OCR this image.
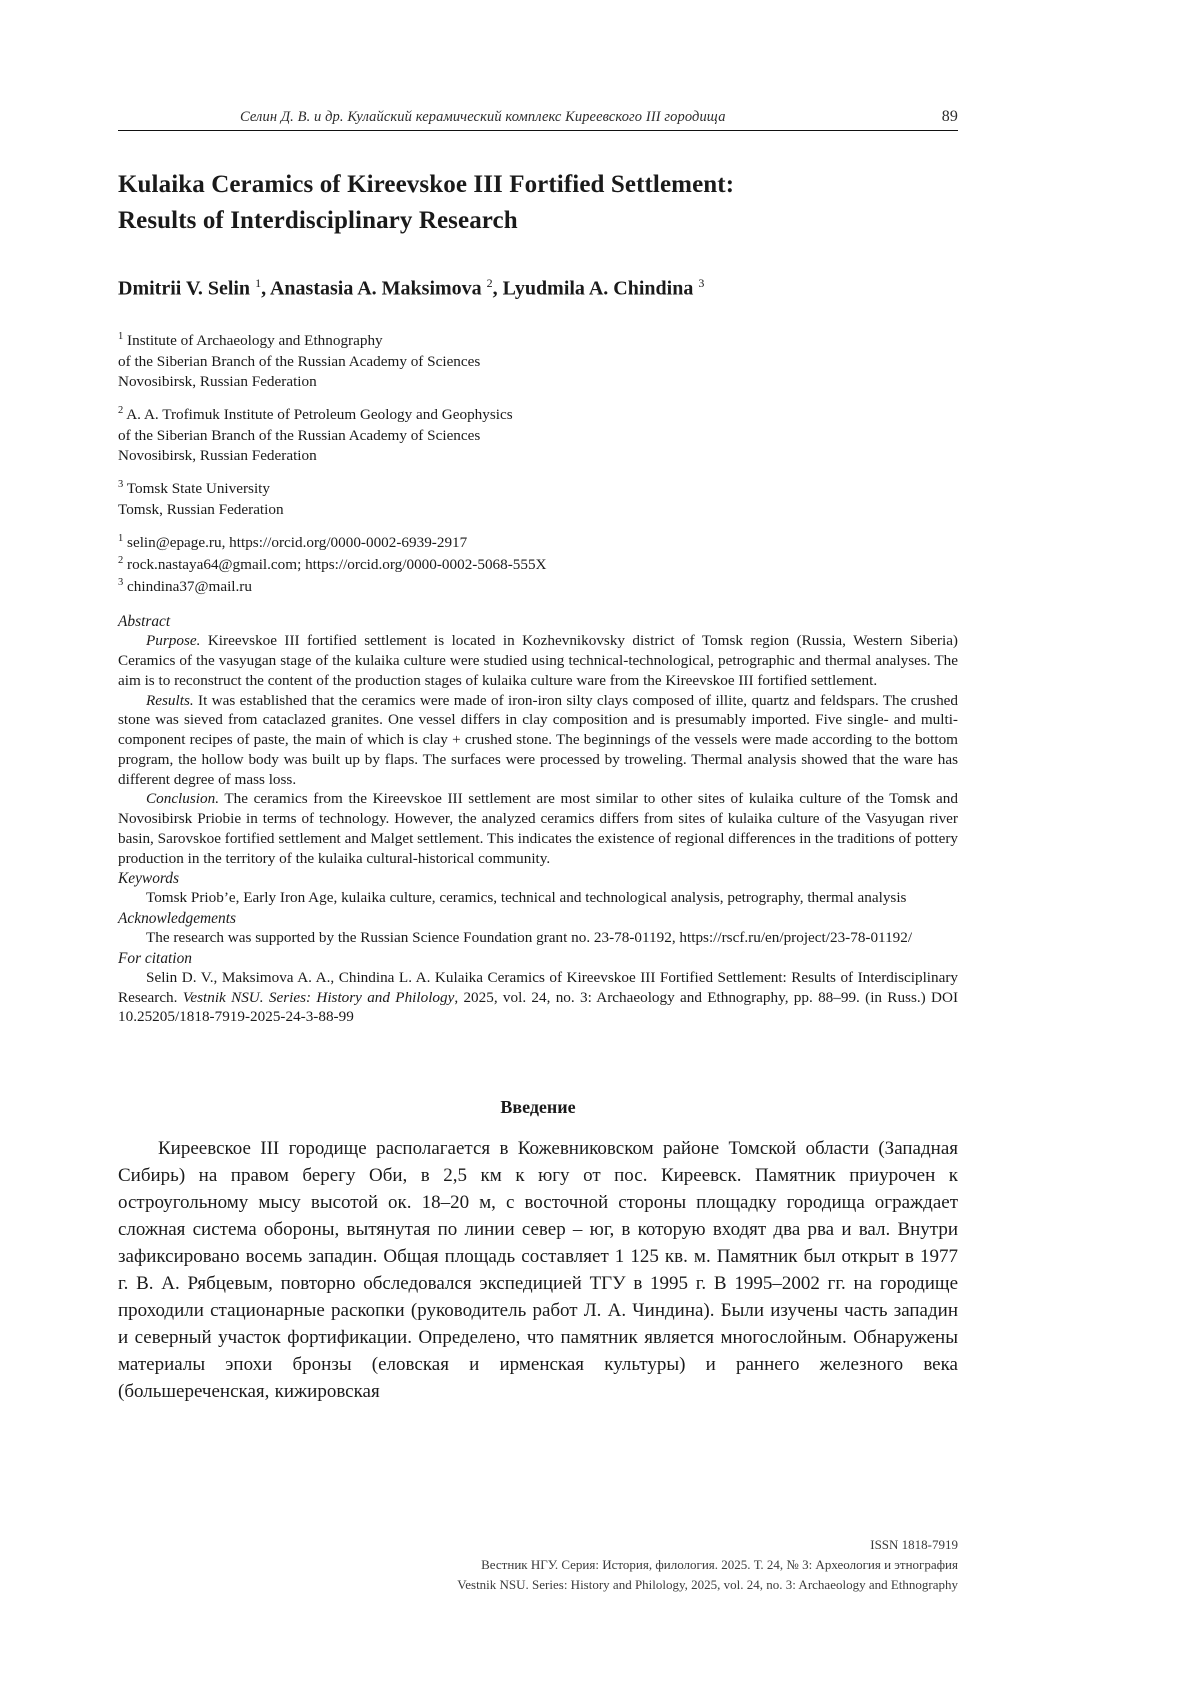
Селин Д. В. и др. Кулайский керамический комплекс Киреевского III городища	89
Kulaika Ceramics of Kireevskoe III Fortified Settlement:
Results of Interdisciplinary Research
Dmitrii V. Selin $^1$, Anastasia A. Maksimova $^2$, Lyudmila A. Chindina $^3$
$^1$ Institute of Archaeology and Ethnography
of the Siberian Branch of the Russian Academy of Sciences
Novosibirsk, Russian Federation
$^2$ A. A. Trofimuk Institute of Petroleum Geology and Geophysics
of the Siberian Branch of the Russian Academy of Sciences
Novosibirsk, Russian Federation
$^3$ Tomsk State University
Tomsk, Russian Federation
$^1$ selin@epage.ru, https://orcid.org/0000-0002-6939-2917
$^2$ rock.nastaya64@gmail.com; https://orcid.org/0000-0002-5068-555X
$^3$ chindina37@mail.ru
Abstract

Purpose. Kireevskoe III fortified settlement is located in Kozhevnikovsky district of Tomsk region (Russia, Western Siberia) Ceramics of the vasyugan stage of the kulaika culture were studied using technical-technological, petrographic and thermal analyses. The aim is to reconstruct the content of the production stages of kulaika culture ware from the Kireevskoe III fortified settlement.

Results. It was established that the ceramics were made of iron-iron silty clays composed of illite, quartz and feldspars. The crushed stone was sieved from cataclazed granites. One vessel differs in clay composition and is presumably imported. Five single- and multi-component recipes of paste, the main of which is clay + crushed stone. The beginnings of the vessels were made according to the bottom program, the hollow body was built up by flaps. The surfaces were processed by troweling. Thermal analysis showed that the ware has different degree of mass loss.

Conclusion. The ceramics from the Kireevskoe III settlement are most similar to other sites of kulaika culture of the Tomsk and Novosibirsk Priobie in terms of technology. However, the analyzed ceramics differs from sites of kulaika culture of the Vasyugan river basin, Sarovskoe fortified settlement and Malget settlement. This indicates the existence of regional differences in the traditions of pottery production in the territory of the kulaika cultural-historical community.

Keywords

Tomsk Priob’e, Early Iron Age, kulaika culture, ceramics, technical and technological analysis, petrography, thermal analysis

Acknowledgements

The research was supported by the Russian Science Foundation grant no. 23-78-01192, https://rscf.ru/en/project/23-78-01192/

For citation

Selin D. V., Maksimova A. A., Chindina L. A. Kulaika Ceramics of Kireevskoe III Fortified Settlement: Results of Interdisciplinary Research. Vestnik NSU. Series: History and Philology, 2025, vol. 24, no. 3: Archaeology and Ethnography, pp. 88–99. (in Russ.) DOI 10.25205/1818-7919-2025-24-3-88-99

Введение

Киреевское III городище располагается в Кожевниковском районе Томской области (Западная Сибирь) на правом берегу Оби, в 2,5 км к югу от пос. Киреевск. Памятник приурочен к остроугольному мысу высотой ок. 18–20 м, с восточной стороны площадку городища ограждает сложная система обороны, вытянутая по линии север – юг, в которую входят два рва и вал. Внутри зафиксировано восемь западин. Общая площадь составляет 1 125 кв. м. Памятник был открыт в 1977 г. В. А. Рябцевым, повторно обследовался экспедицией ТГУ в 1995 г. В 1995–2002 гг. на городище проходили стационарные раскопки (руководитель работ Л. А. Чиндина). Были изучены часть западин и северный участок фортификации. Определено, что памятник является многослойным. Обнаружены материалы эпохи бронзы (еловская и ирменская культуры) и раннего железного века (большереченская, кижировская

ISSN 1818-7919
Вестник НГУ. Серия: История, филология. 2025. Т. 24, № 3: Археология и этнография
Vestnik NSU. Series: History and Philology, 2025, vol. 24, no. 3: Archaeology and Ethnography
